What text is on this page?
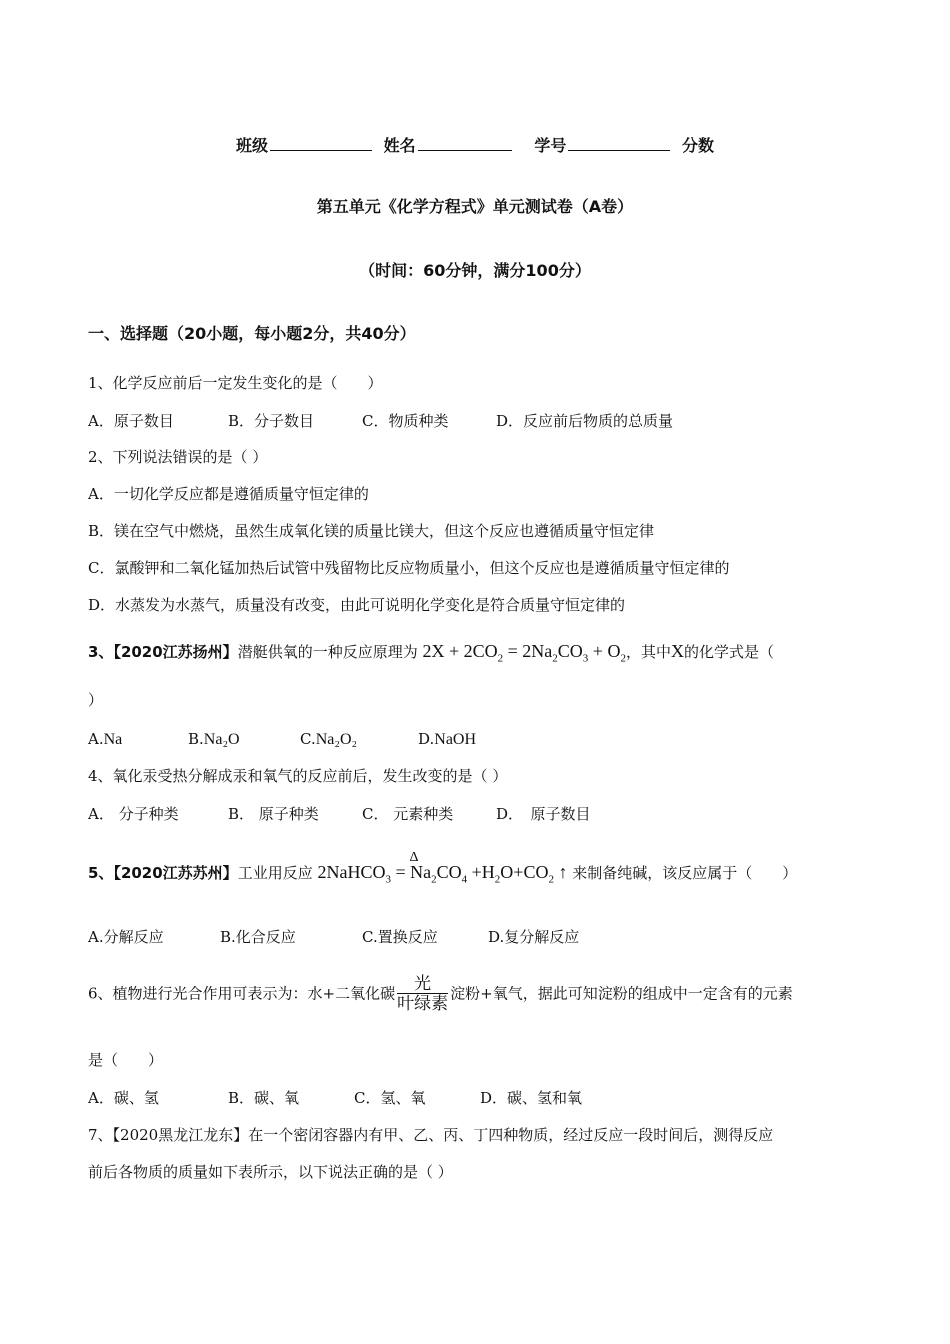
班级	姓名	学号	分数
第五单元《化学方程式》单元测试卷（A卷）
（时间：60分钟，满分100分）
一、选择题（20小题，每小题2分，共40分）
1、化学反应前后一定发生变化的是（　　）
A．原子数目	B．分子数目	C．物质种类	D．反应前后物质的总质量
2、下列说法错误的是（ ）
A．一切化学反应都是遵循质量守恒定律的
B．镁在空气中燃烧，虽然生成氧化镁的质量比镁大，但这个反应也遵循质量守恒定律
C．氯酸钾和二氧化锰加热后试管中残留物比反应物质量小，但这个反应也是遵循质量守恒定律的
D．水蒸发为水蒸气，质量没有改变，由此可说明化学变化是符合质量守恒定律的
3、【2020江苏扬州】潜艇供氧的一种反应原理为 $2X + 2CO_2 = 2Na_2CO_3 + O_2$，其中X的化学式是（
）
A.Na	B.Na₂O	C.Na₂O₂	D.NaOH
4、氧化汞受热分解成汞和氧气的反应前后，发生改变的是（ ）
A． 分子种类	B． 原子种类	C． 元素种类	D．　原子数目
5、【2020江苏苏州】工业用反应
Δ
2NaHCO$_3$ = $Na_2CO_4 +H_2O+CO_2$ ↑ 来制备纯碱，该反应属于（　　）
A.分解反应	B.化合反应	C.置换反应	D.复分解反应
6、植物进行光合作用可表示为：水+二氧化碳 $\frac{\text{光}}{\text{叶绿素}}$ 淀粉+氧气，据此可知淀粉的组成中一定含有的元素
是（　　）
A．碳、氢	B．碳、氧	C．氢、氧	D．碳、氢和氧
7、【2020黑龙江龙东】在一个密闭容器内有甲、乙、丙、丁四种物质，经过反应一段时间后，测得反应
前后各物质的质量如下表所示，以下说法正确的是（ ）
